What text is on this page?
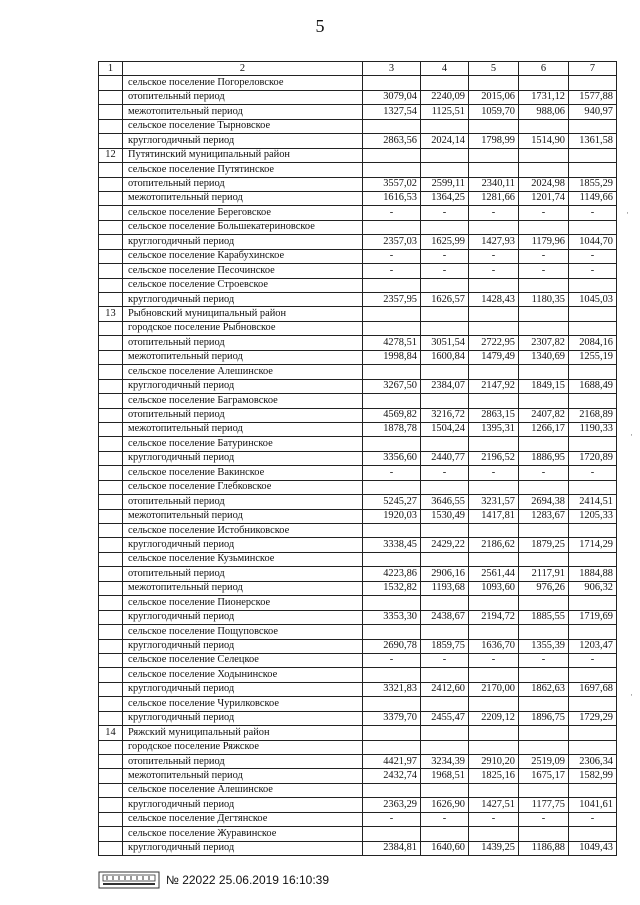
5
1	2	3	4	5	6	7
	сельское поселение Погореловское					
	отопительный период	3079,04	2240,09	2015,06	1731,12	1577,88
	межотопительный период	1327,54	1125,51	1059,70	988,06	940,97
	сельское поселение Тырновское					
	круглогодичный период	2863,56	2024,14	1798,99	1514,90	1361,58
12	Путятинский муниципальный район					
	сельское поселение Путятинское					
	отопительный период	3557,02	2599,11	2340,11	2024,98	1855,29
	межотопительный период	1616,53	1364,25	1281,66	1201,74	1149,66
	сельское поселение Береговское	-	-	-	-	-
	сельское поселение Большекатериновское					
	круглогодичный период	2357,03	1625,99	1427,93	1179,96	1044,70
	сельское поселение Карабухинское	-	-	-	-	-
	сельское поселение Песочинское	-	-	-	-	-
	сельское поселение Строевское					
	круглогодичный период	2357,95	1626,57	1428,43	1180,35	1045,03
13	Рыбновский муниципальный район					
	городское поселение Рыбновское					
	отопительный период	4278,51	3051,54	2722,95	2307,82	2084,16
	межотопительный период	1998,84	1600,84	1479,49	1340,69	1255,19
	сельское поселение Алешинское					
	круглогодичный период	3267,50	2384,07	2147,92	1849,15	1688,49
	сельское поселение Баграмовское					
	отопительный период	4569,82	3216,72	2863,15	2407,82	2168,89
	межотопительный период	1878,78	1504,24	1395,31	1266,17	1190,33
	сельское поселение Батуринское					
	круглогодичный период	3356,60	2440,77	2196,52	1886,95	1720,89
	сельское поселение Вакинское	-	-	-	-	-
	сельское поселение Глебковское					
	отопительный период	5245,27	3646,55	3231,57	2694,38	2414,51
	межотопительный период	1920,03	1530,49	1417,81	1283,67	1205,33
	сельское поселение Истобниковское					
	круглогодичный период	3338,45	2429,22	2186,62	1879,25	1714,29
	сельское поселение Кузьминское					
	отопительный период	4223,86	2906,16	2561,44	2117,91	1884,88
	межотопительный период	1532,82	1193,68	1093,60	976,26	906,32
	сельское поселение Пионерское					
	круглогодичный период	3353,30	2438,67	2194,72	1885,55	1719,69
	сельское поселение Пощуповское					
	круглогодичный период	2690,78	1859,75	1636,70	1355,39	1203,47
	сельское поселение Селецкое	-	-	-	-	-
	сельское поселение Ходынинское					
	круглогодичный период	3321,83	2412,60	2170,00	1862,63	1697,68
	сельское поселение Чурилковское					
	круглогодичный период	3379,70	2455,47	2209,12	1896,75	1729,29
14	Ряжский муниципальный район					
	городское поселение Ряжское					
	отопительный период	4421,97	3234,39	2910,20	2519,09	2306,34
	межотопительный период	2432,74	1968,51	1825,16	1675,17	1582,99
	сельское поселение Алешинское					
	круглогодичный период	2363,29	1626,90	1427,51	1177,75	1041,61
	сельское поселение Дегтянское	-	-	-	-	-
	сельское поселение Журавинское					
	круглогодичный период	2384,81	1640,60	1439,25	1186,88	1049,43
№ 22022 25.06.2019 16:10:39
·
·
·
